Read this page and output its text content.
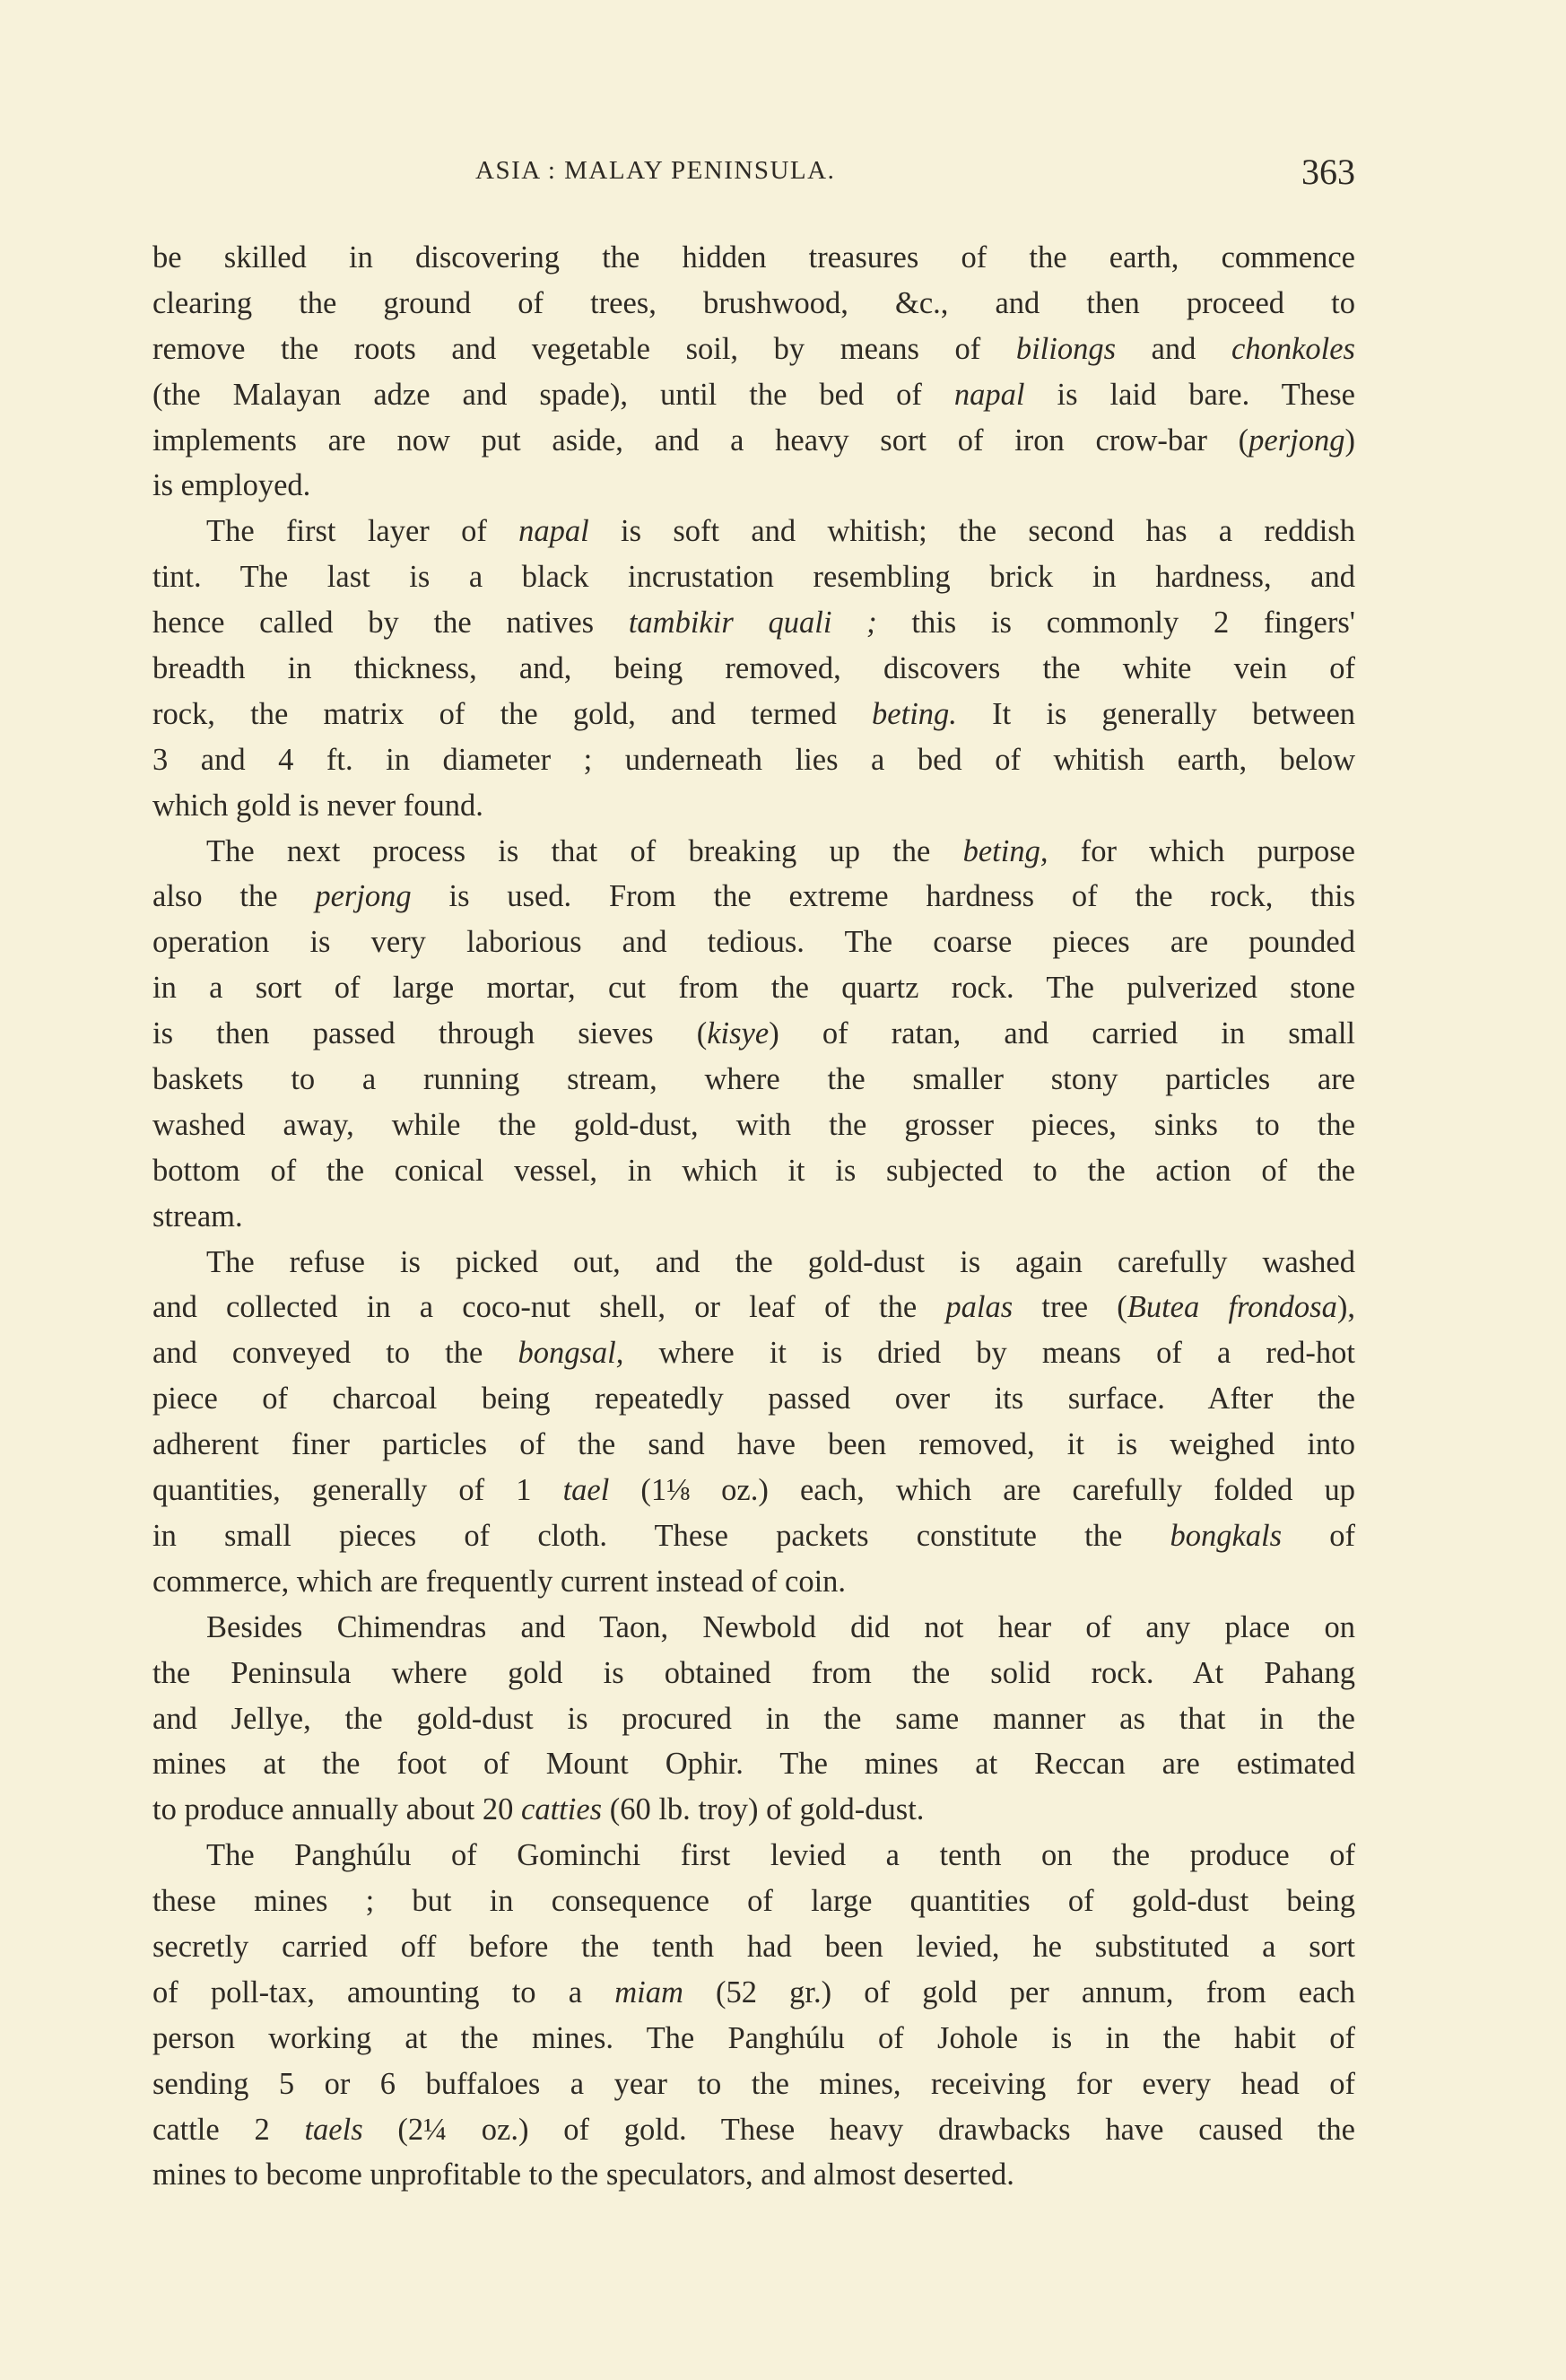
ASIA : MALAY PENINSULA.	363
be skilled in discovering the hidden treasures of the earth, commence
clearing the ground of trees, brushwood, &c., and then proceed to
remove the roots and vegetable soil, by means of biliongs and chonkoles
(the Malayan adze and spade), until the bed of napal is laid bare. These
implements are now put aside, and a heavy sort of iron crow-bar (perjong)
is employed.
The first layer of napal is soft and whitish; the second has a reddish
tint. The last is a black incrustation resembling brick in hardness, and
hence called by the natives tambikir quali ; this is commonly 2 fingers'
breadth in thickness, and, being removed, discovers the white vein of
rock, the matrix of the gold, and termed beting. It is generally between
3 and 4 ft. in diameter ; underneath lies a bed of whitish earth, below
which gold is never found.
The next process is that of breaking up the beting, for which purpose
also the perjong is used. From the extreme hardness of the rock, this
operation is very laborious and tedious. The coarse pieces are pounded
in a sort of large mortar, cut from the quartz rock. The pulverized stone
is then passed through sieves (kisye) of ratan, and carried in small
baskets to a running stream, where the smaller stony particles are
washed away, while the gold-dust, with the grosser pieces, sinks to the
bottom of the conical vessel, in which it is subjected to the action of the
stream.
The refuse is picked out, and the gold-dust is again carefully washed
and collected in a coco-nut shell, or leaf of the palas tree (Butea frondosa),
and conveyed to the bongsal, where it is dried by means of a red-hot
piece of charcoal being repeatedly passed over its surface. After the
adherent finer particles of the sand have been removed, it is weighed into
quantities, generally of 1 tael (1⅛ oz.) each, which are carefully folded up
in small pieces of cloth. These packets constitute the bongkals of
commerce, which are frequently current instead of coin.
Besides Chimendras and Taon, Newbold did not hear of any place on
the Peninsula where gold is obtained from the solid rock. At Pahang
and Jellye, the gold-dust is procured in the same manner as that in the
mines at the foot of Mount Ophir. The mines at Reccan are estimated
to produce annually about 20 catties (60 lb. troy) of gold-dust.
The Panghúlu of Gominchi first levied a tenth on the produce of
these mines ; but in consequence of large quantities of gold-dust being
secretly carried off before the tenth had been levied, he substituted a sort
of poll-tax, amounting to a miam (52 gr.) of gold per annum, from each
person working at the mines. The Panghúlu of Johole is in the habit of
sending 5 or 6 buffaloes a year to the mines, receiving for every head of
cattle 2 taels (2¼ oz.) of gold. These heavy drawbacks have caused the
mines to become unprofitable to the speculators, and almost deserted.
